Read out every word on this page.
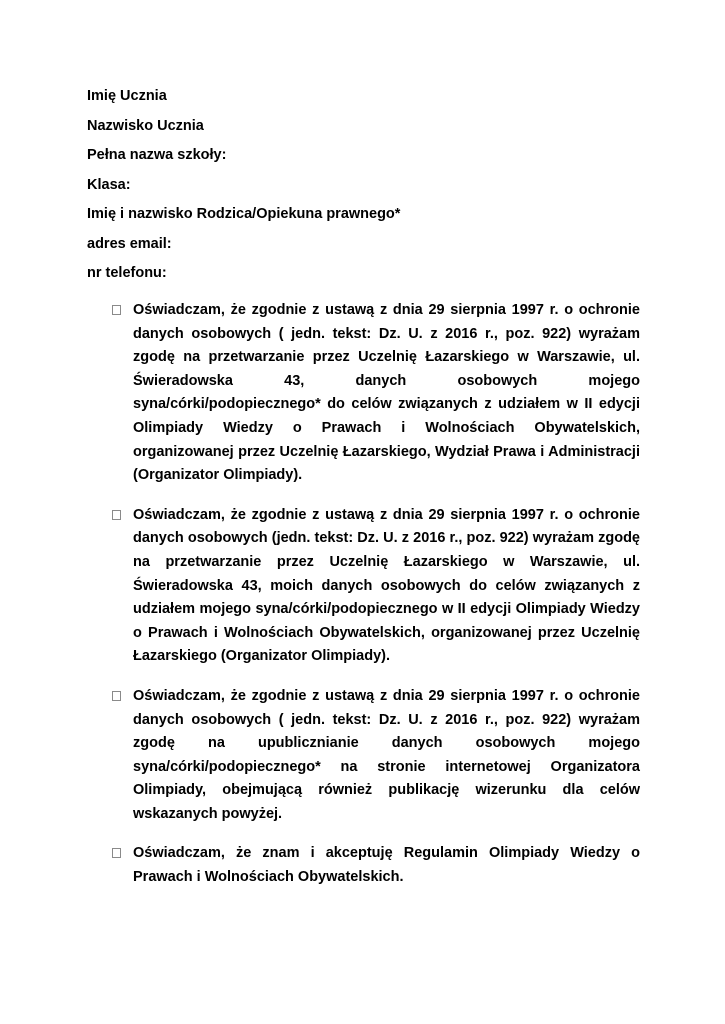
Imię Ucznia
Nazwisko Ucznia
Pełna nazwa szkoły:
Klasa:
Imię i nazwisko Rodzica/Opiekuna prawnego*
adres email:
nr telefonu:
Oświadczam, że zgodnie z ustawą z dnia 29 sierpnia 1997 r. o ochronie danych osobowych ( jedn. tekst: Dz. U. z 2016 r., poz. 922) wyrażam zgodę na przetwarzanie przez Uczelnię Łazarskiego w Warszawie, ul. Świeradowska 43, danych osobowych mojego syna/córki/podopiecznego* do celów związanych z udziałem w II edycji Olimpiady Wiedzy o Prawach i Wolnościach Obywatelskich, organizowanej przez Uczelnię Łazarskiego, Wydział Prawa i Administracji (Organizator Olimpiady).
Oświadczam, że zgodnie z ustawą z dnia 29 sierpnia 1997 r. o ochronie danych osobowych (jedn. tekst: Dz. U. z 2016 r., poz. 922) wyrażam zgodę na przetwarzanie przez Uczelnię Łazarskiego w Warszawie, ul. Świeradowska 43, moich danych osobowych do celów związanych z udziałem mojego syna/córki/podopiecznego w II edycji Olimpiady Wiedzy o Prawach i Wolnościach Obywatelskich, organizowanej przez Uczelnię Łazarskiego (Organizator Olimpiady).
Oświadczam, że zgodnie z ustawą z dnia 29 sierpnia 1997 r. o ochronie danych osobowych ( jedn. tekst: Dz. U. z 2016 r., poz. 922) wyrażam zgodę na upublicznianie danych osobowych mojego syna/córki/podopiecznego* na stronie internetowej Organizatora Olimpiady, obejmującą również publikację wizerunku dla celów wskazanych powyżej.
Oświadczam, że znam i akceptuję Regulamin Olimpiady Wiedzy o Prawach i Wolnościach Obywatelskich.
